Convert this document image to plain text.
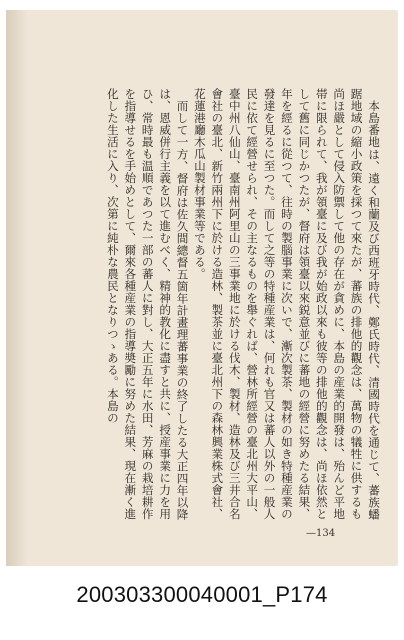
本島番地は、遠く和蘭及び西班牙時代、鄭氏時代、清國時代を通じて、蕃族蟠踞地域の縮小政策を採つて來たが、蕃族の排他的觀念は、萬物の犠牲に供するも尚ほ嚴として侵入防禦して他の存在が貪めに、本島の産業的開發は、殆んど平地帯に限られて、我が領臺に及び我が始政以來も彼等の排他的觀念は、尚ほ依然として舊に同じかつたが、督府は領臺以來鋭意並びに蕃地の經營に努めたる結果、年を經るに從つて、往時の製腦事業に次いで、漸次製茶、製材の如き特種産業の發達を見るに至つた。而して之等の特種産業は、何れも官又は蕃人以外の一般人民に依て經營せられ、その主なるものを舉ぐれば、營林所經營の臺北州大平山、臺中州八仙山、臺南州阿里山の三事業地に於ける伐木、製材、造林及び三井合名會社の臺北、新竹兩州下に於ける造林、製茶並に臺北州下の森林興業株式會社、花蓮港廳木瓜山製材事業等である。

而して一方、督府は佐久間總督五箇年計畫理蕃事業の終了したる大正四年以降は、恩威併行主義を以て進むべく、精神的教化に盡すと共に、授産事業に力を用ひ、常時最も温順であつた一部の蕃人に對し、大正五年に水田、芳麻の栽培耕作を指導せるを手始めとして、爾來各種産業の指導奬勵に努めた結果、現在漸く進化した生活に入り、次第に純朴な農民となりつゝある。本島の

—134
200303300040001_P174
